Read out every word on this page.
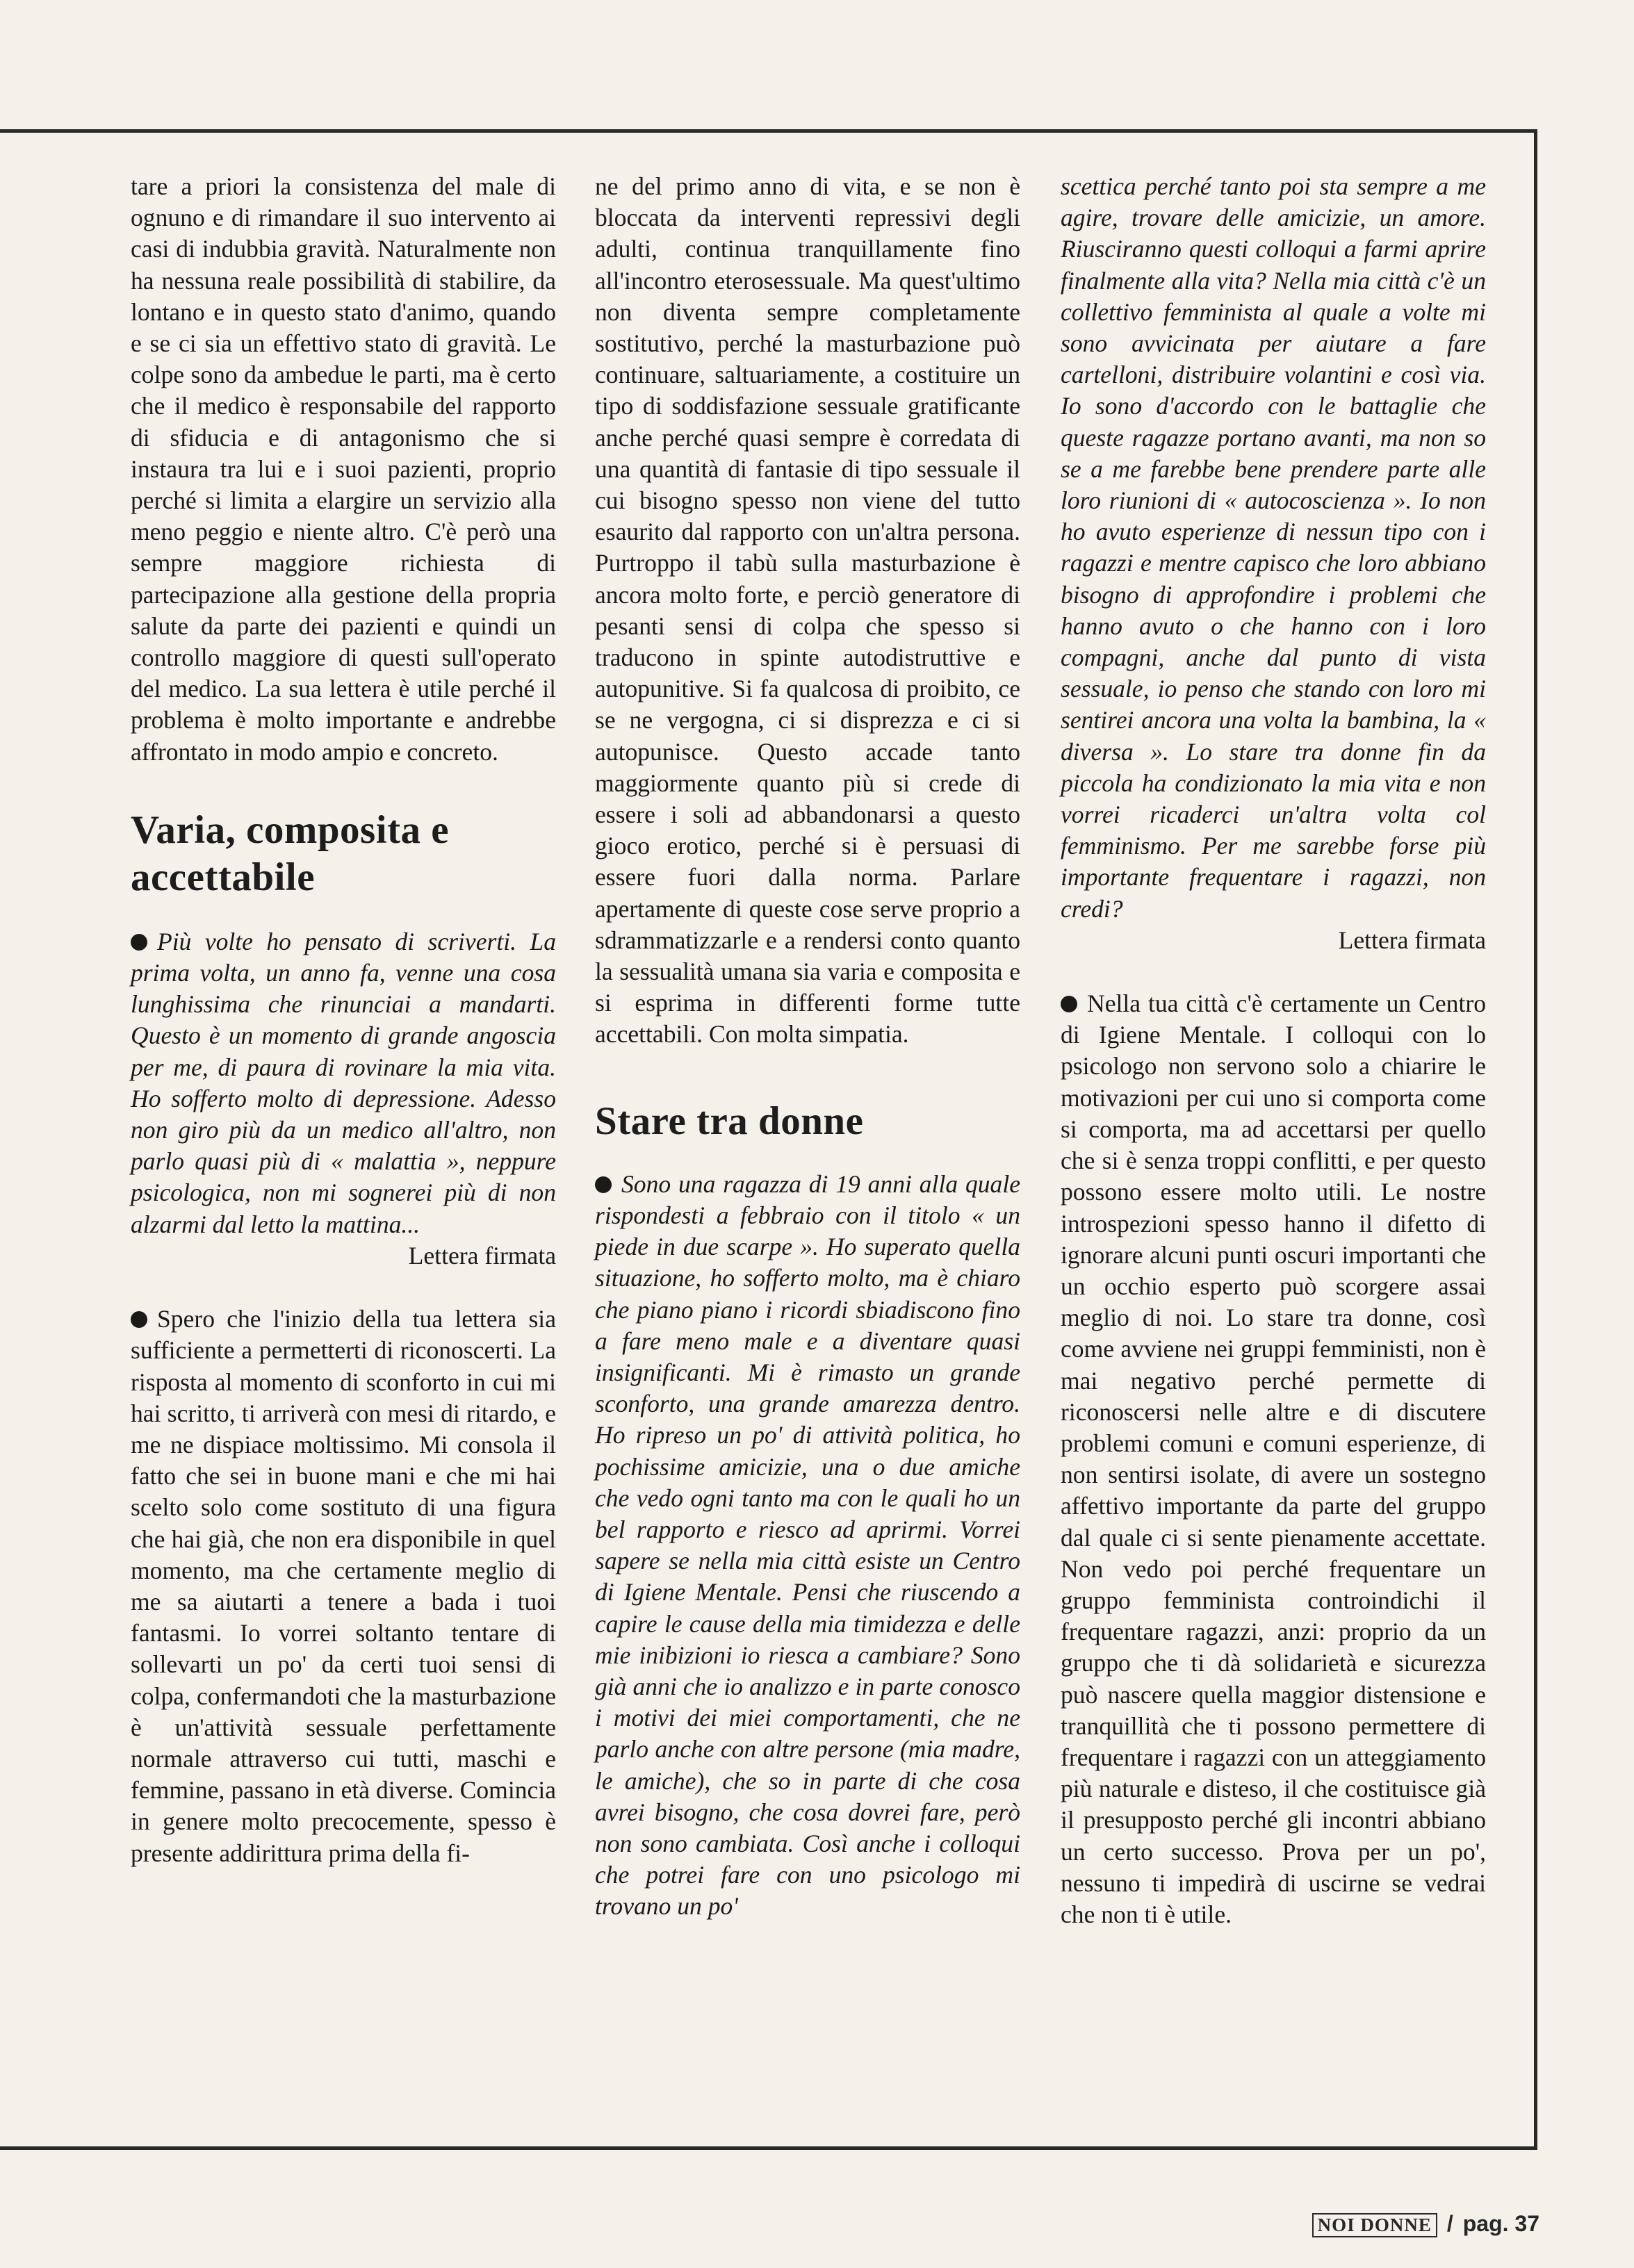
tare a priori la consistenza del male di ognuno e di rimandare il suo intervento ai casi di indubbia gravità. Naturalmente non ha nessuna reale possibilità di stabilire, da lontano e in questo stato d'animo, quando e se ci sia un effettivo stato di gravità. Le colpe sono da ambedue le parti, ma è certo che il medico è responsabile del rapporto di sfiducia e di antagonismo che si instaura tra lui e i suoi pazienti, proprio perché si limita a elargire un servizio alla meno peggio e niente altro. C'è però una sempre maggiore richiesta di partecipazione alla gestione della propria salute da parte dei pazienti e quindi un controllo maggiore di questi sull'operato del medico. La sua lettera è utile perché il problema è molto importante e andrebbe affrontato in modo ampio e concreto.

Varia, composita e accettabile

Più volte ho pensato di scriverti. La prima volta, un anno fa, venne una cosa lunghissima che rinunciai a mandarti. Questo è un momento di grande angoscia per me, di paura di rovinare la mia vita. Ho sofferto molto di depressione. Adesso non giro più da un medico all'altro, non parlo quasi più di « malattia », neppure psicologica, non mi sognerei più di non alzarmi dal letto la mattina...

Lettera firmata

Spero che l'inizio della tua lettera sia sufficiente a permetterti di riconoscerti. La risposta al momento di sconforto in cui mi hai scritto, ti arriverà con mesi di ritardo, e me ne dispiace moltissimo. Mi consola il fatto che sei in buone mani e che mi hai scelto solo come sostituto di una figura che hai già, che non era disponibile in quel momento, ma che certamente meglio di me sa aiutarti a tenere a bada i tuoi fantasmi. Io vorrei soltanto tentare di sollevarti un po' da certi tuoi sensi di colpa, confermandoti che la masturbazione è un'attività sessuale perfettamente normale attraverso cui tutti, maschi e femmine, passano in età diverse. Comincia in genere molto precocemente, spesso è presente addirittura prima della fi-

ne del primo anno di vita, e se non è bloccata da interventi repressivi degli adulti, continua tranquillamente fino all'incontro eterosessuale. Ma quest'ultimo non diventa sempre completamente sostitutivo, perché la masturbazione può continuare, saltuariamente, a costituire un tipo di soddisfazione sessuale gratificante anche perché quasi sempre è corredata di una quantità di fantasie di tipo sessuale il cui bisogno spesso non viene del tutto esaurito dal rapporto con un'altra persona. Purtroppo il tabù sulla masturbazione è ancora molto forte, e perciò generatore di pesanti sensi di colpa che spesso si traducono in spinte autodistruttive e autopunitive. Si fa qualcosa di proibito, ce se ne vergogna, ci si disprezza e ci si autopunisce. Questo accade tanto maggiormente quanto più si crede di essere i soli ad abbandonarsi a questo gioco erotico, perché si è persuasi di essere fuori dalla norma. Parlare apertamente di queste cose serve proprio a sdrammatizzarle e a rendersi conto quanto la sessualità umana sia varia e composita e si esprima in differenti forme tutte accettabili. Con molta simpatia.

Stare tra donne

Sono una ragazza di 19 anni alla quale rispondesti a febbraio con il titolo « un piede in due scarpe ». Ho superato quella situazione, ho sofferto molto, ma è chiaro che piano piano i ricordi sbiadiscono fino a fare meno male e a diventare quasi insignificanti. Mi è rimasto un grande sconforto, una grande amarezza dentro. Ho ripreso un po' di attività politica, ho pochissime amicizie, una o due amiche che vedo ogni tanto ma con le quali ho un bel rapporto e riesco ad aprirmi. Vorrei sapere se nella mia città esiste un Centro di Igiene Mentale. Pensi che riuscendo a capire le cause della mia timidezza e delle mie inibizioni io riesca a cambiare? Sono già anni che io analizzo e in parte conosco i motivi dei miei comportamenti, che ne parlo anche con altre persone (mia madre, le amiche), che so in parte di che cosa avrei bisogno, che cosa dovrei fare, però non sono cambiata. Così anche i colloqui che potrei fare con uno psicologo mi trovano un po'

scettica perché tanto poi sta sempre a me agire, trovare delle amicizie, un amore. Riusciranno questi colloqui a farmi aprire finalmente alla vita? Nella mia città c'è un collettivo femminista al quale a volte mi sono avvicinata per aiutare a fare cartelloni, distribuire volantini e così via. Io sono d'accordo con le battaglie che queste ragazze portano avanti, ma non so se a me farebbe bene prendere parte alle loro riunioni di « autocoscienza ». Io non ho avuto esperienze di nessun tipo con i ragazzi e mentre capisco che loro abbiano bisogno di approfondire i problemi che hanno avuto o che hanno con i loro compagni, anche dal punto di vista sessuale, io penso che stando con loro mi sentirei ancora una volta la bambina, la « diversa ». Lo stare tra donne fin da piccola ha condizionato la mia vita e non vorrei ricaderci un'altra volta col femminismo. Per me sarebbe forse più importante frequentare i ragazzi, non credi?

Lettera firmata

Nella tua città c'è certamente un Centro di Igiene Mentale. I colloqui con lo psicologo non servono solo a chiarire le motivazioni per cui uno si comporta come si comporta, ma ad accettarsi per quello che si è senza troppi conflitti, e per questo possono essere molto utili. Le nostre introspezioni spesso hanno il difetto di ignorare alcuni punti oscuri importanti che un occhio esperto può scorgere assai meglio di noi. Lo stare tra donne, così come avviene nei gruppi femministi, non è mai negativo perché permette di riconoscersi nelle altre e di discutere problemi comuni e comuni esperienze, di non sentirsi isolate, di avere un sostegno affettivo importante da parte del gruppo dal quale ci si sente pienamente accettate. Non vedo poi perché frequentare un gruppo femminista controindichi il frequentare ragazzi, anzi: proprio da un gruppo che ti dà solidarietà e sicurezza può nascere quella maggior distensione e tranquillità che ti possono permettere di frequentare i ragazzi con un atteggiamento più naturale e disteso, il che costituisce già il presupposto perché gli incontri abbiano un certo successo. Prova per un po', nessuno ti impedirà di uscirne se vedrai che non ti è utile.

NOI DONNE / pag. 37
